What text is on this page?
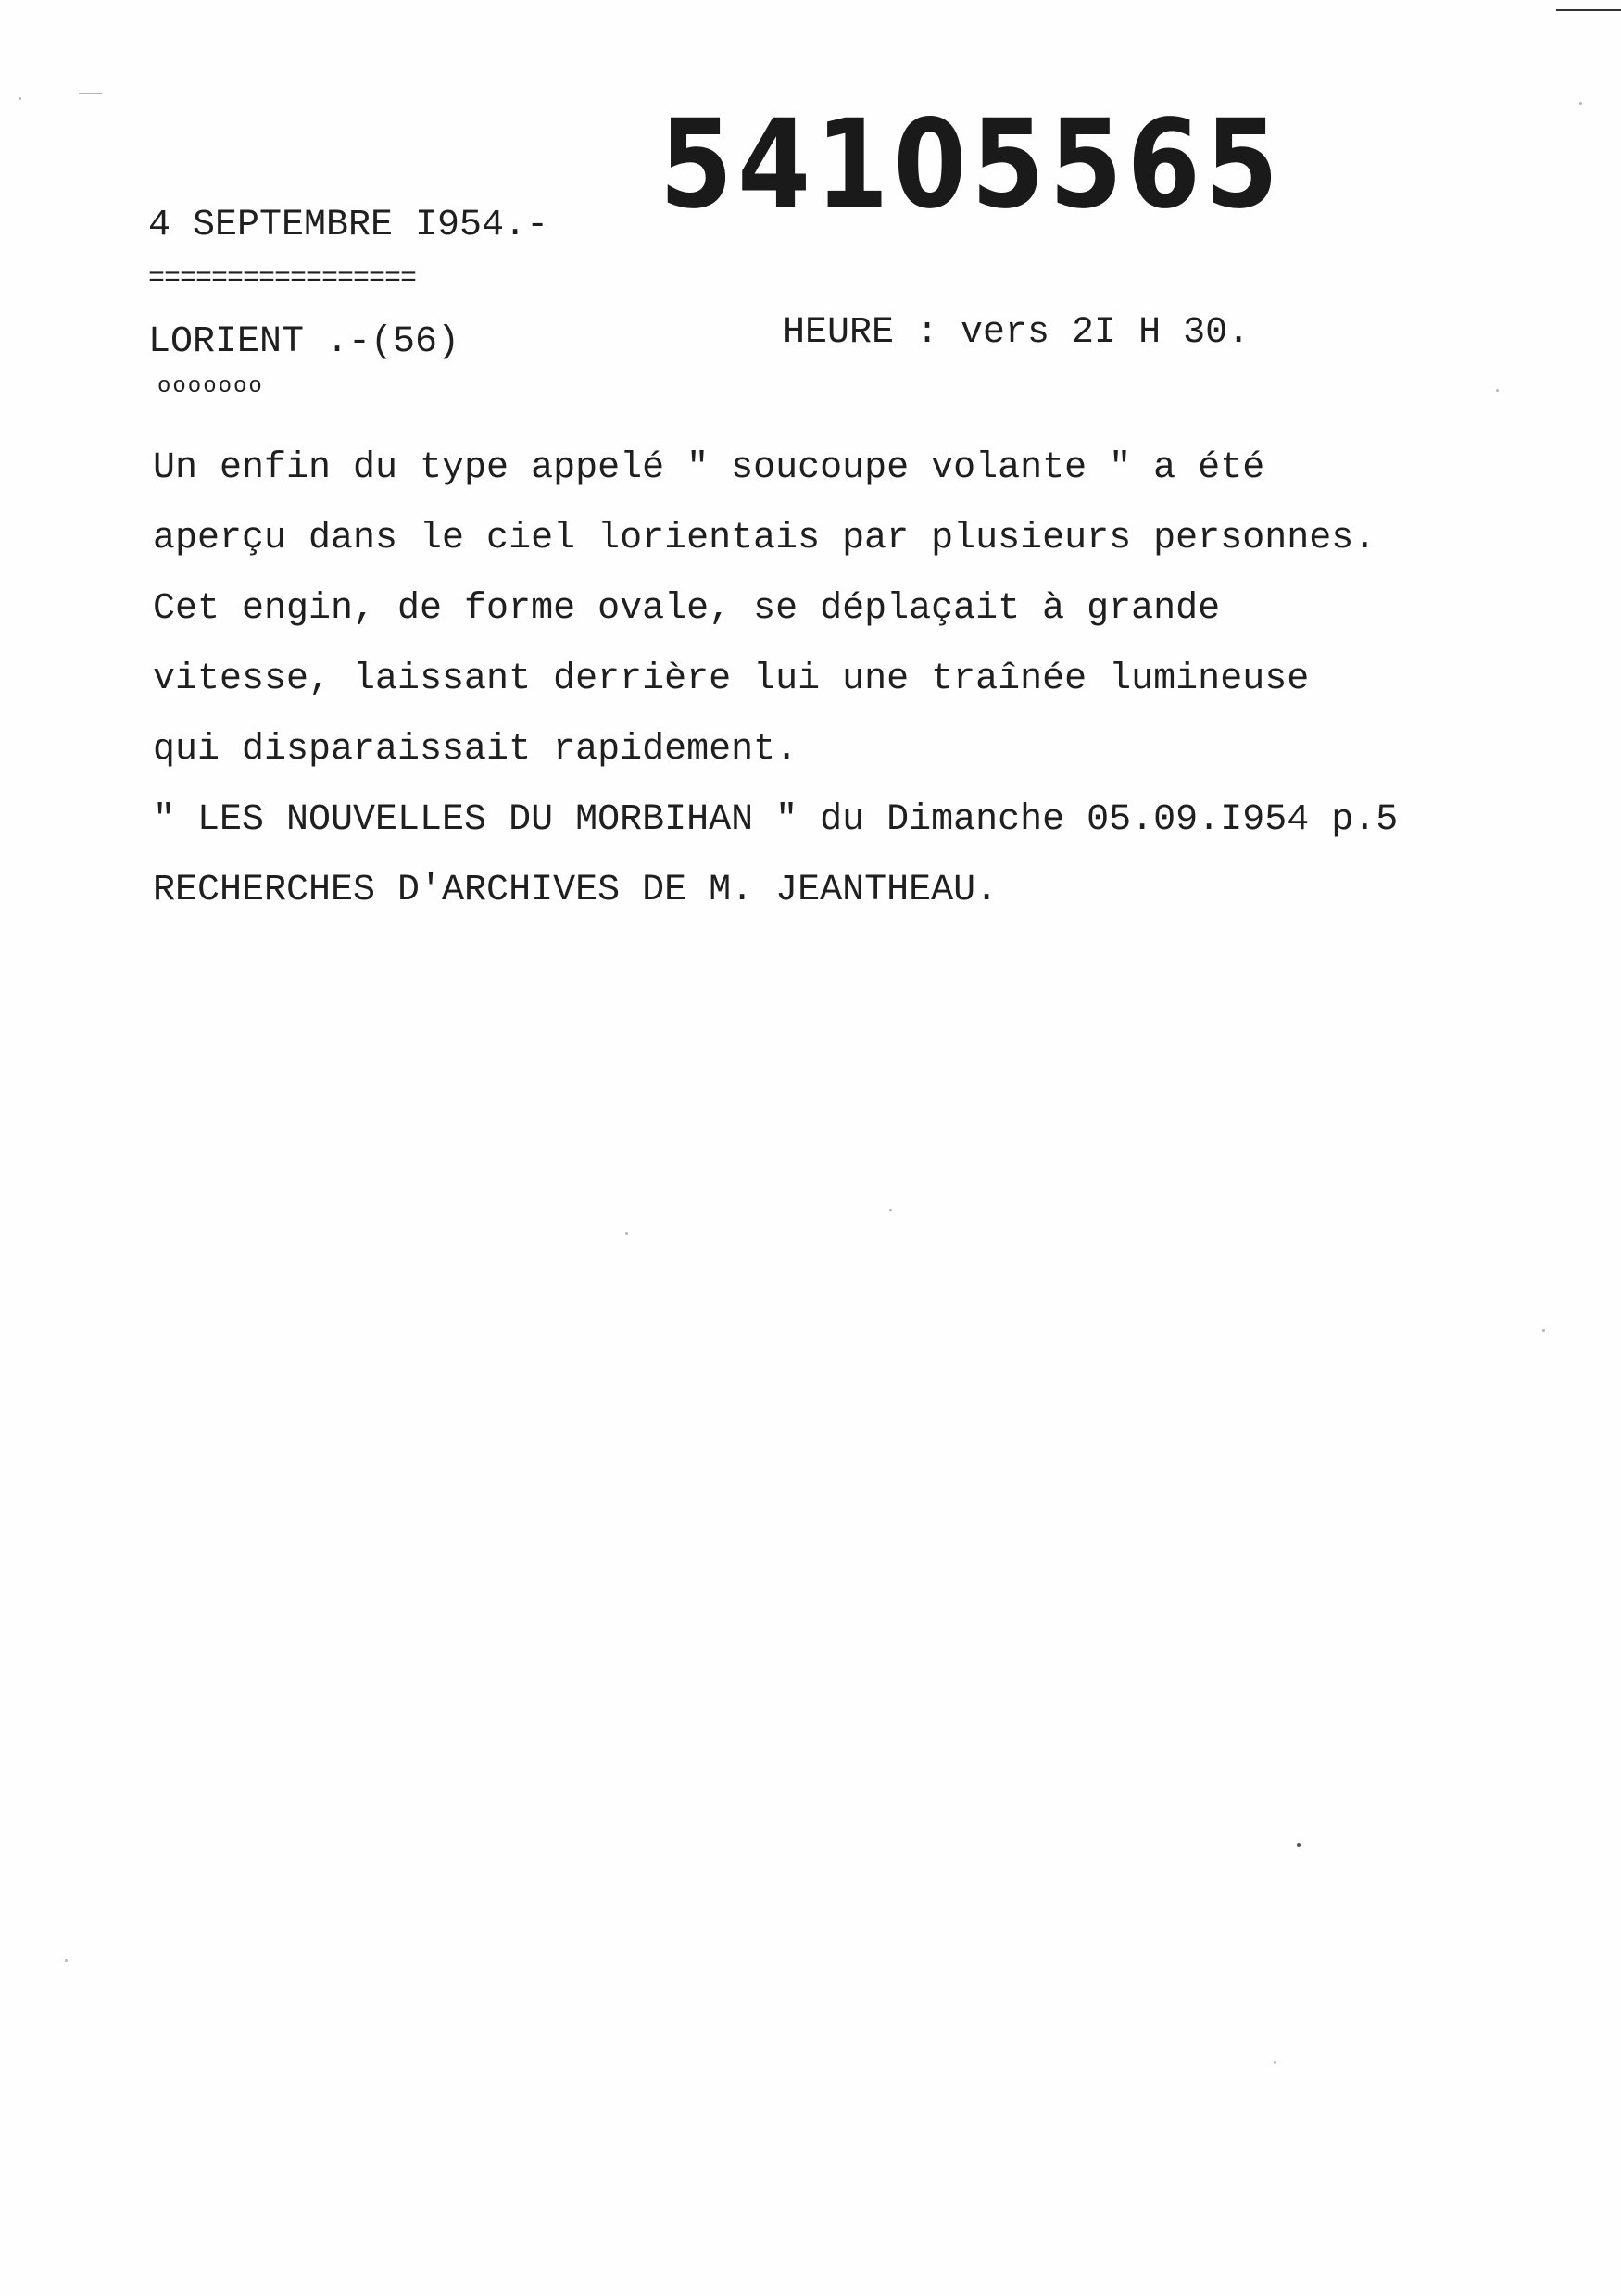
54105565
4 SEPTEMBRE I954.-
=================
LORIENT .-(56)
ooooooo
HEURE : vers 2I H 30.
Un enfin du type appelé " soucoupe volante " a été
aperçu dans le ciel lorientais par plusieurs personnes.
Cet engin, de forme ovale, se déplaçait à grande
vitesse, laissant derrière lui une traînée lumineuse
qui disparaissait rapidement.
" LES NOUVELLES DU MORBIHAN " du Dimanche 05.09.I954 p.5
RECHERCHES D'ARCHIVES DE M. JEANTHEAU.
